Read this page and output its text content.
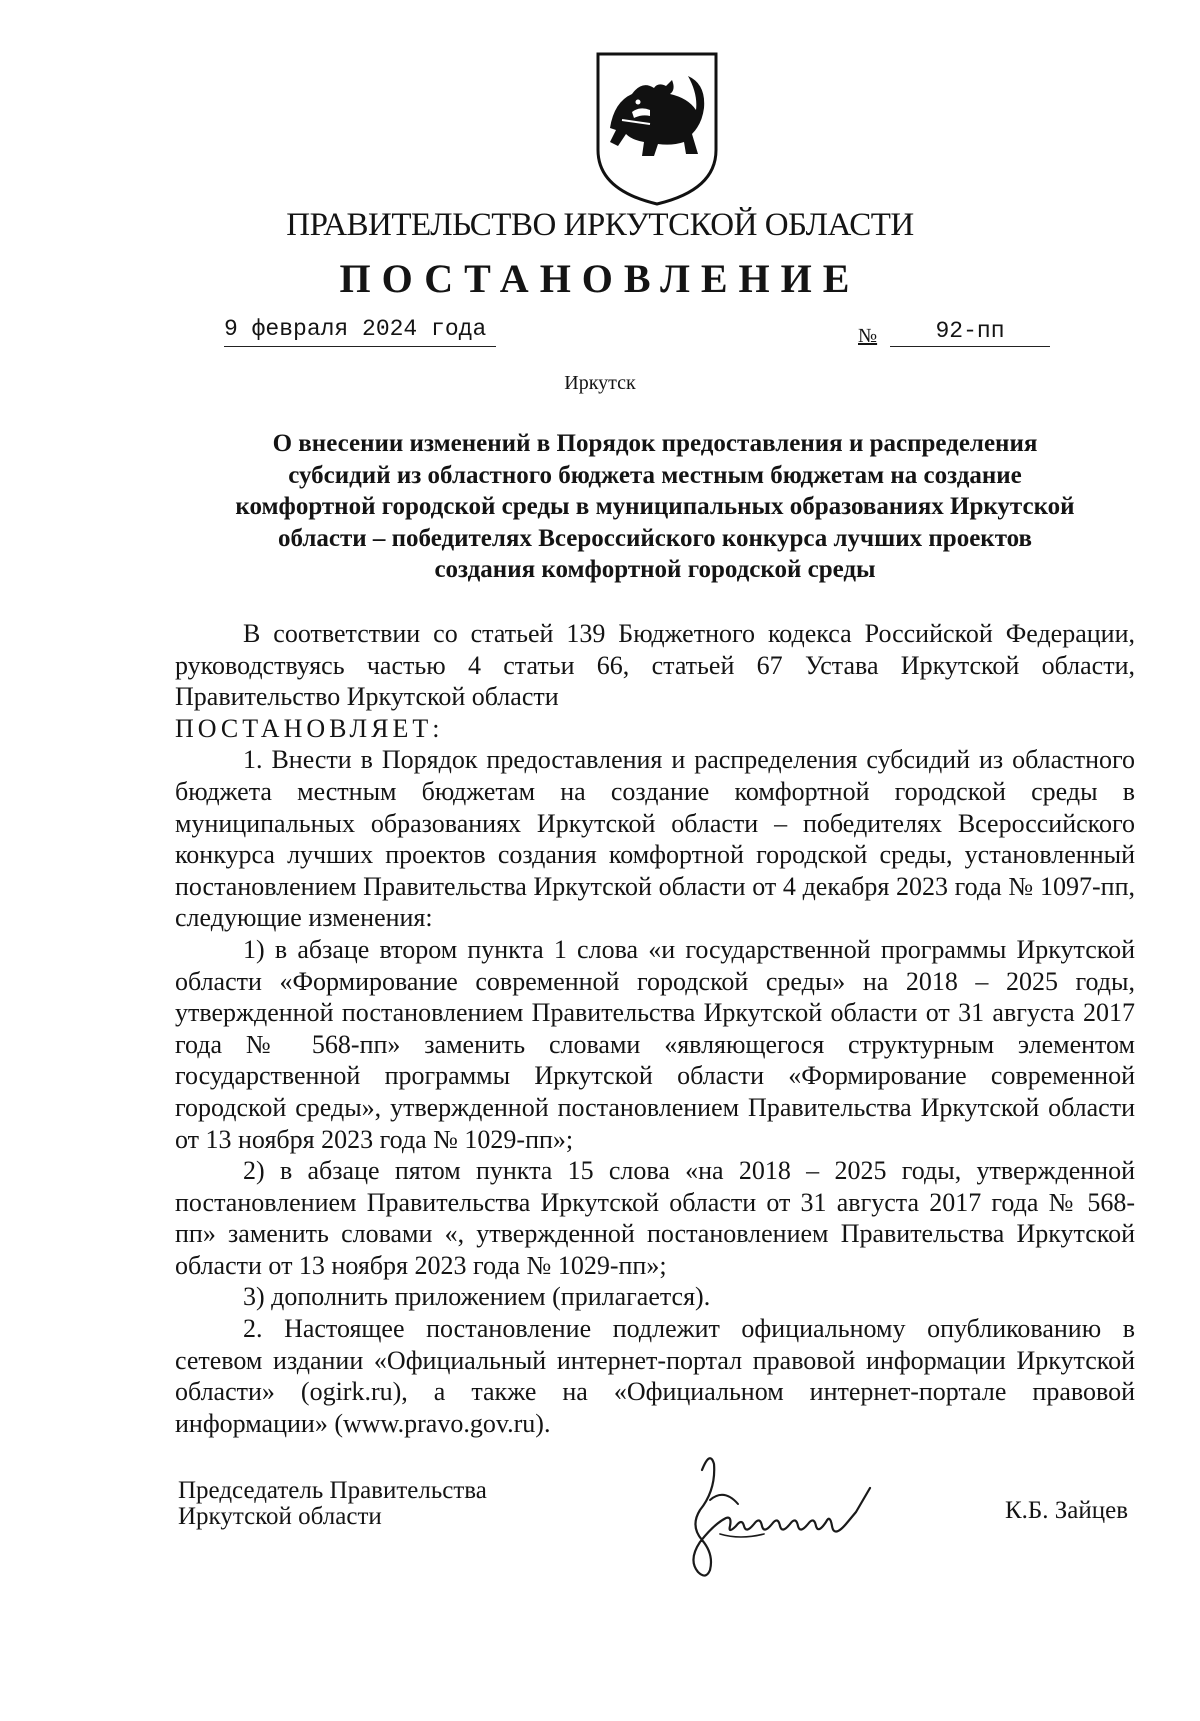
ПРАВИТЕЛЬСТВО ИРКУТСКОЙ ОБЛАСТИ
ПОСТАНОВЛЕНИЕ
9 февраля 2024 года	№	92-пп
Иркутск
О внесении изменений в Порядок предоставления и распределения
субсидий из областного бюджета местным бюджетам на создание
комфортной городской среды в муниципальных образованиях Иркутской
области – победителях Всероссийского конкурса лучших проектов
создания комфортной городской среды

В соответствии со статьей 139 Бюджетного кодекса Российской Федерации, руководствуясь частью 4 статьи 66, статьей 67 Устава Иркутской области, Правительство Иркутской области

ПОСТАНОВЛЯЕТ:

1. Внести в Порядок предоставления и распределения субсидий из областного бюджета местным бюджетам на создание комфортной городской среды в муниципальных образованиях Иркутской области – победителях Всероссийского конкурса лучших проектов создания комфортной городской среды, установленный постановлением Правительства Иркутской области от 4 декабря 2023 года № 1097-пп, следующие изменения:

1) в абзаце втором пункта 1 слова «и государственной программы Иркутской области «Формирование современной городской среды» на 2018 – 2025 годы, утвержденной постановлением Правительства Иркутской области от 31 августа 2017 года № 568-пп» заменить словами «являющегося структурным элементом государственной программы Иркутской области «Формирование современной городской среды», утвержденной постановлением Правительства Иркутской области от 13 ноября 2023 года № 1029-пп»;

2) в абзаце пятом пункта 15 слова «на 2018 – 2025 годы, утвержденной постановлением Правительства Иркутской области от 31 августа 2017 года № 568-пп» заменить словами «, утвержденной постановлением Правительства Иркутской области от 13 ноября 2023 года № 1029-пп»;

3) дополнить приложением (прилагается).

2. Настоящее постановление подлежит официальному опубликованию в сетевом издании «Официальный интернет-портал правовой информации Иркутской области» (ogirk.ru), а также на «Официальном интернет-портале правовой информации» (www.pravo.gov.ru).

Председатель Правительства
Иркутской области	К.Б. Зайцев
